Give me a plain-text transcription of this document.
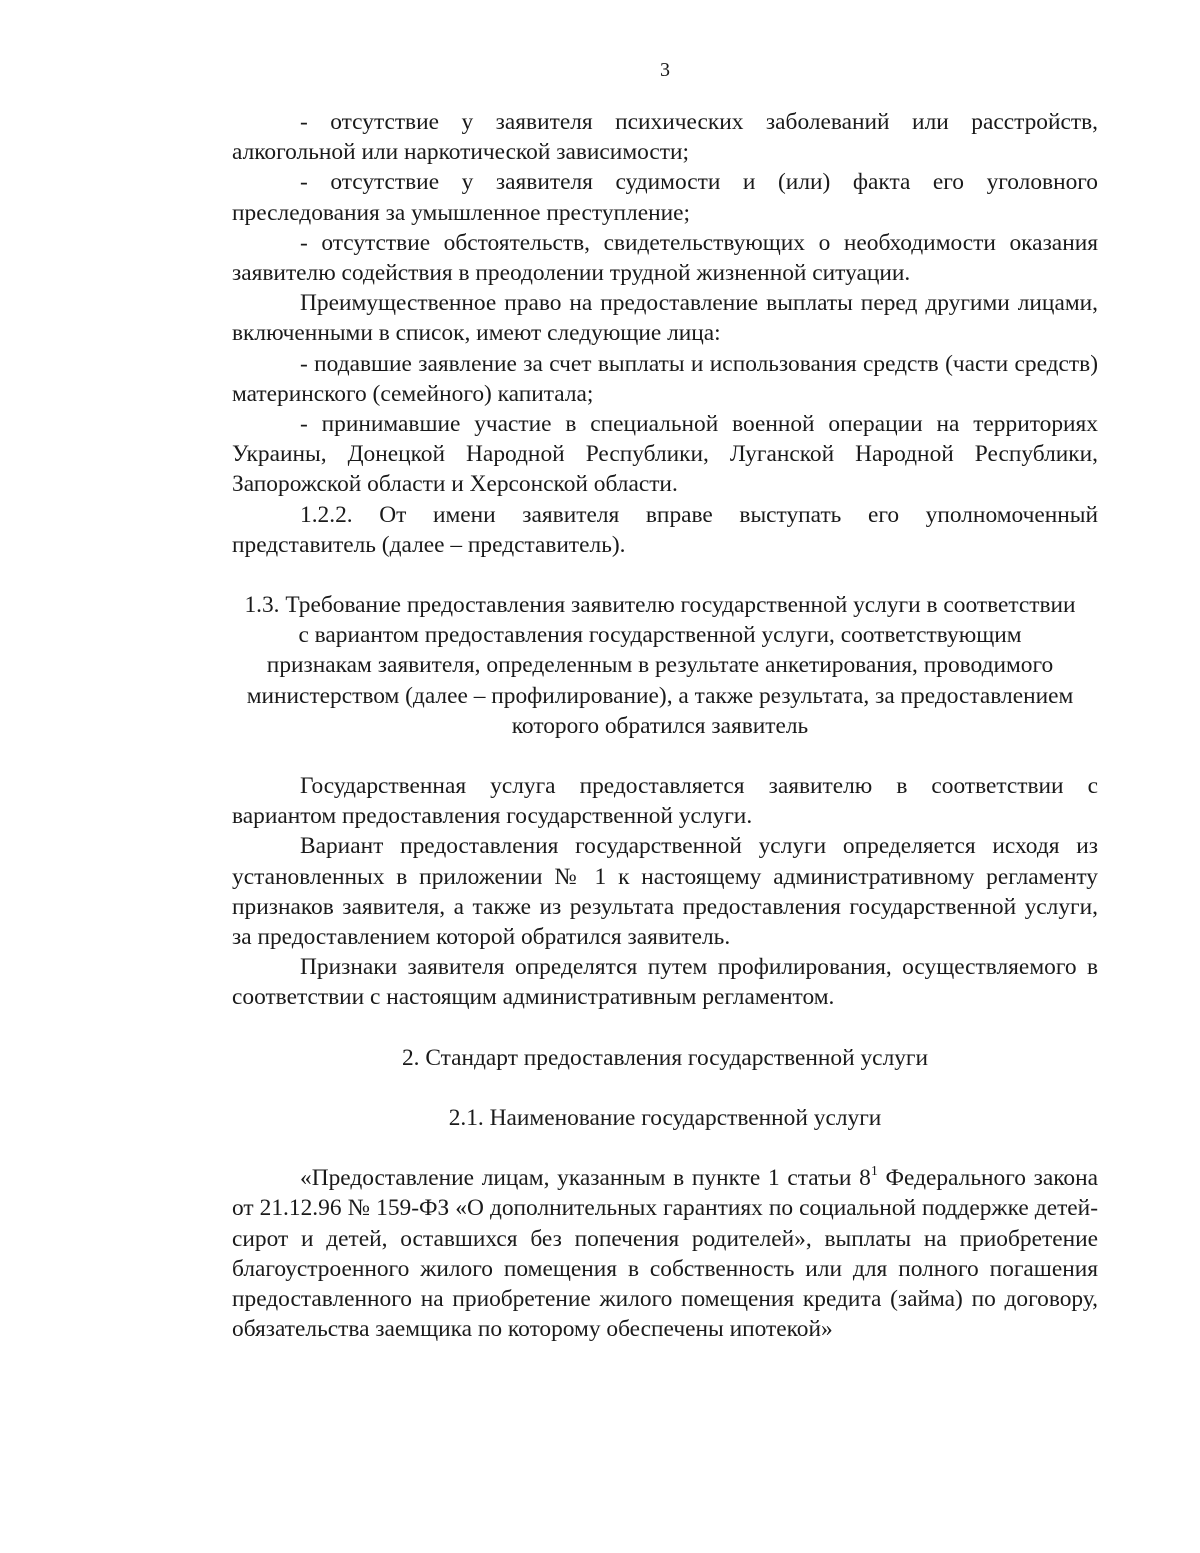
3

- отсутствие у заявителя психических заболеваний или расстройств, алкогольной или наркотической зависимости;

- отсутствие у заявителя судимости и (или) факта его уголовного преследования за умышленное преступление;

- отсутствие обстоятельств, свидетельствующих о необходимости оказания заявителю содействия в преодолении трудной жизненной ситуации.

Преимущественное право на предоставление выплаты перед другими лицами, включенными в список, имеют следующие лица:

- подавшие заявление за счет выплаты и использования средств (части средств) материнского (семейного) капитала;

- принимавшие участие в специальной военной операции на территориях Украины, Донецкой Народной Республики, Луганской Народной Республики, Запорожской области и Херсонской области.

1.2.2. От имени заявителя вправе выступать его уполномоченный представитель (далее – представитель).

1.3. Требование предоставления заявителю государственной услуги в соответствии с вариантом предоставления государственной услуги, соответствующим признакам заявителя, определенным в результате анкетирования, проводимого министерством (далее – профилирование), а также результата, за предоставлением которого обратился заявитель

Государственная услуга предоставляется заявителю в соответствии с вариантом предоставления государственной услуги.

Вариант предоставления государственной услуги определяется исходя из установленных в приложении № 1 к настоящему административному регламенту признаков заявителя, а также из результата предоставления государственной услуги, за предоставлением которой обратился заявитель.

Признаки заявителя определятся путем профилирования, осуществляемого в соответствии с настоящим административным регламентом.

2. Стандарт предоставления государственной услуги
2.1. Наименование государственной услуги

«Предоставление лицам, указанным в пункте 1 статьи $8^1$ Федерального закона от 21.12.96 № 159-ФЗ «О дополнительных гарантиях по социальной поддержке детей-сирот и детей, оставшихся без попечения родителей», выплаты на приобретение благоустроенного жилого помещения в собственность или для полного погашения предоставленного на приобретение жилого помещения кредита (займа) по договору, обязательства заемщика по которому обеспечены ипотекой»
